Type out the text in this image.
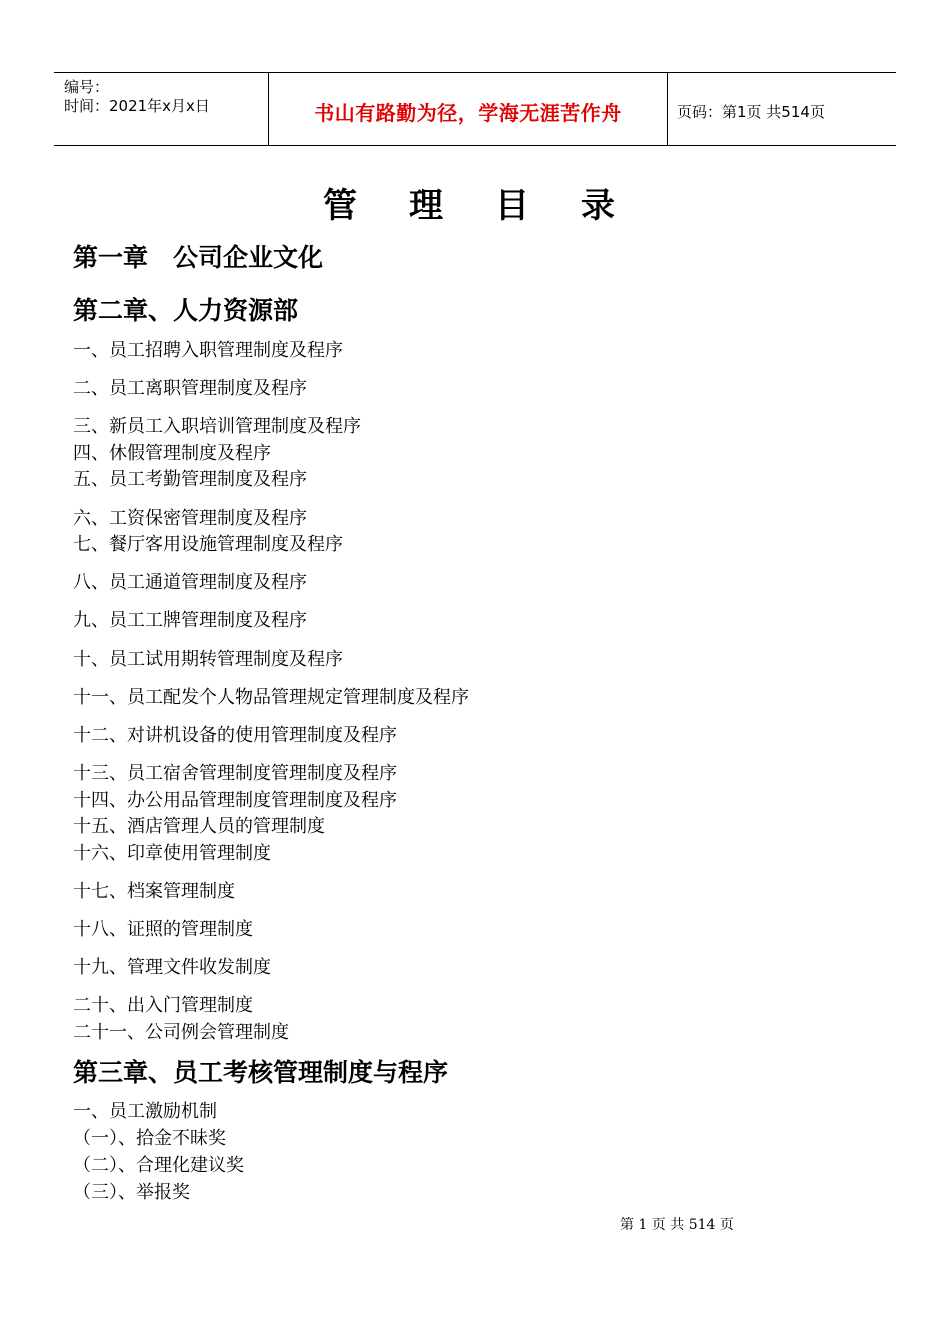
编号：
时间：2021年x月x日	书山有路勤为径，学海无涯苦作舟	页码：第1页 共514页
管理目录
第一章　公司企业文化
第二章、人力资源部
一、员工招聘入职管理制度及程序
二、员工离职管理制度及程序
三、新员工入职培训管理制度及程序
四、休假管理制度及程序
五、员工考勤管理制度及程序
六、工资保密管理制度及程序
七、餐厅客用设施管理制度及程序
八、员工通道管理制度及程序
九、员工工牌管理制度及程序
十、员工试用期转管理制度及程序
十一、员工配发个人物品管理规定管理制度及程序
十二、对讲机设备的使用管理制度及程序
十三、员工宿舍管理制度管理制度及程序
十四、办公用品管理制度管理制度及程序
十五、酒店管理人员的管理制度
十六、印章使用管理制度
十七、档案管理制度
十八、证照的管理制度
十九、管理文件收发制度
二十、出入门管理制度
二十一、公司例会管理制度
第三章、员工考核管理制度与程序
一、员工激励机制
（一）、拾金不昧奖
（二）、合理化建议奖
（三）、举报奖
第 1 页 共 514 页
